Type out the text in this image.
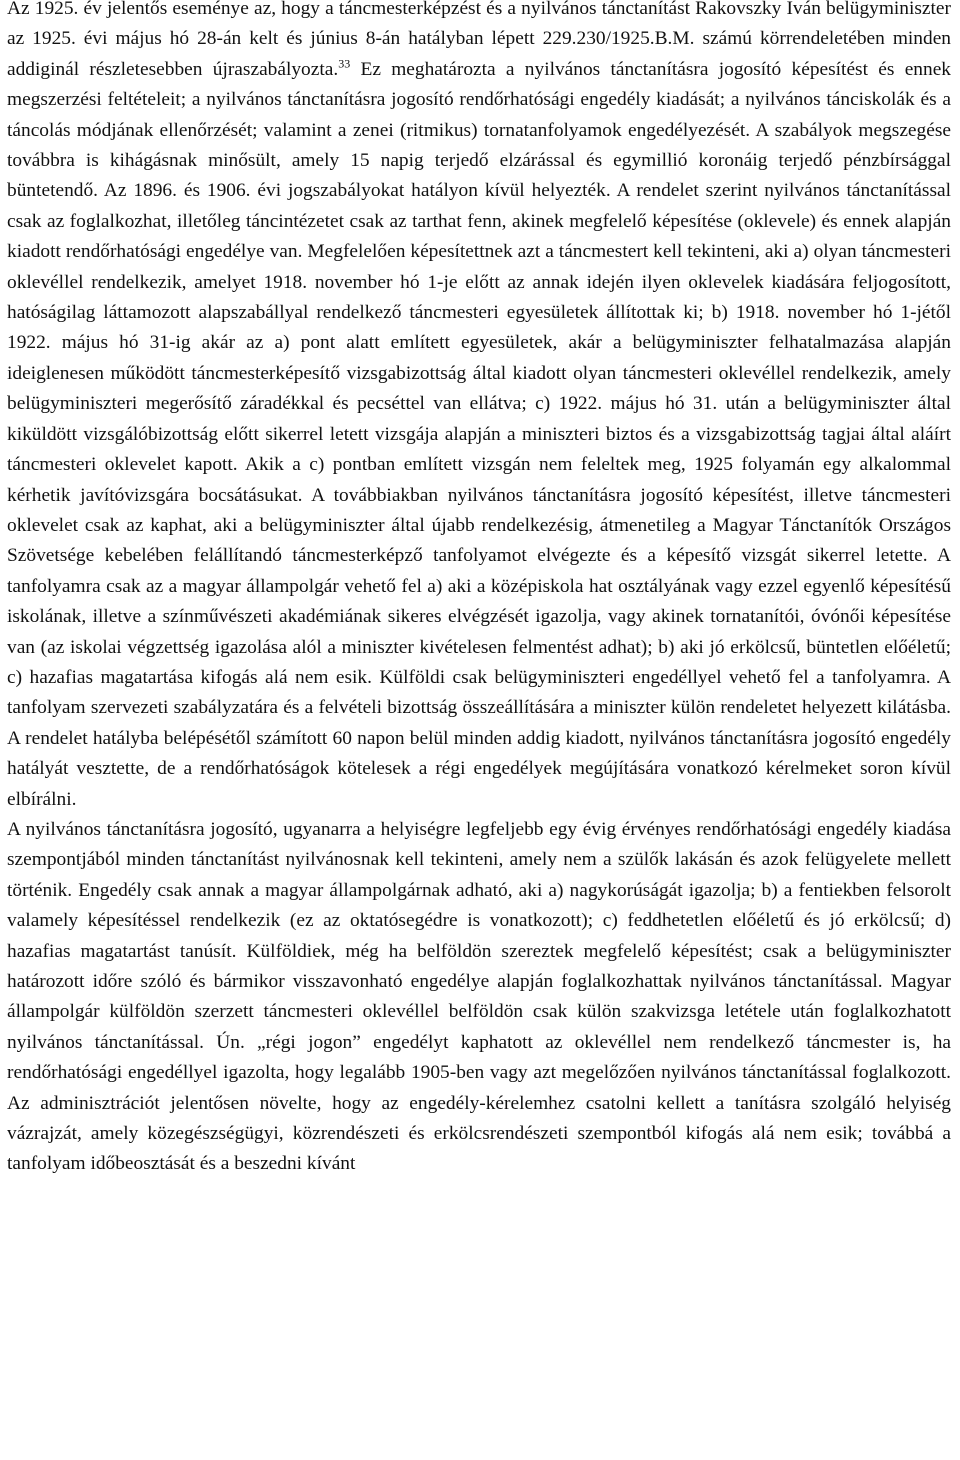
Az 1925. év jelentős eseménye az, hogy a táncmesterképzést és a nyilvános tánctanítást Rakovszky Iván belügyminiszter az 1925. évi május hó 28-án kelt és június 8-án hatályban lépett 229.230/1925.B.M. számú körrendeletében minden addiginál részletesebben újraszabályozta.$^{33}$ Ez meghatározta a nyilvános tánctanításra jogosító képesítést és ennek megszerzési feltételeit; a nyilvános tánctanításra jogosító rendőrhatósági engedély kiadását; a nyilvános tánciskolák és a táncolás módjának ellenőrzését; valamint a zenei (ritmikus) tornatanfolyamok engedélyezését. A szabályok megszegése továbbra is kihágásnak minősült, amely 15 napig terjedő elzárással és egymillió koronáig terjedő pénzbírsággal büntetendő. Az 1896. és 1906. évi jogszabályokat hatályon kívül helyezték. A rendelet szerint nyilvános tánctanítással csak az foglalkozhat, illetőleg táncintézetet csak az tarthat fenn, akinek megfelelő képesítése (oklevele) és ennek alapján kiadott rendőrhatósági engedélye van. Megfelelően képesítettnek azt a táncmestert kell tekinteni, aki a) olyan táncmesteri oklevéllel rendelkezik, amelyet 1918. november hó 1-je előtt az annak idején ilyen oklevelek kiadására feljogosított, hatóságilag láttamozott alapszabállyal rendelkező táncmesteri egyesületek állítottak ki; b) 1918. november hó 1-jétől 1922. május hó 31-ig akár az a) pont alatt említett egyesületek, akár a belügyminiszter felhatalmazása alapján ideiglenesen működött táncmesterképesítő vizsgabizottság által kiadott olyan táncmesteri oklevéllel rendelkezik, amely belügyminiszteri megerősítő záradékkal és pecséttel van ellátva; c) 1922. május hó 31. után a belügyminiszter által kiküldött vizsgálóbizottság előtt sikerrel letett vizsgája alapján a miniszteri biztos és a vizsgabizottság tagjai által aláírt táncmesteri oklevelet kapott. Akik a c) pontban említett vizsgán nem feleltek meg, 1925 folyamán egy alkalommal kérhetik javítóvizsgára bocsátásukat. A továbbiakban nyilvános tánctanításra jogosító képesítést, illetve táncmesteri oklevelet csak az kaphat, aki a belügyminiszter által újabb rendelkezésig, átmenetileg a Magyar Tánctanítók Országos Szövetsége kebelében felállítandó táncmesterképző tanfolyamot elvégezte és a képesítő vizsgát sikerrel letette. A tanfolyamra csak az a magyar állampolgár vehető fel a) aki a középiskola hat osztályának vagy ezzel egyenlő képesítésű iskolának, illetve a színművészeti akadémiának sikeres elvégzését igazolja, vagy akinek tornatanítói, óvónői képesítése van (az iskolai végzettség igazolása alól a miniszter kivételesen felmentést adhat); b) aki jó erkölcsű, büntetlen előéletű; c) hazafias magatartása kifogás alá nem esik. Külföldi csak belügyminiszteri engedéllyel vehető fel a tanfolyamra. A tanfolyam szervezeti szabályzatára és a felvételi bizottság összeállítására a miniszter külön rendeletet helyezett kilátásba. A rendelet hatályba belépésétől számított 60 napon belül minden addig kiadott, nyilvános tánctanításra jogosító engedély hatályát vesztette, de a rendőrhatóságok kötelesek a régi engedélyek megújítására vonatkozó kérelmeket soron kívül elbírálni.

A nyilvános tánctanításra jogosító, ugyanarra a helyiségre legfeljebb egy évig érvényes rendőrhatósági engedély kiadása szempontjából minden tánctanítást nyilvánosnak kell tekinteni, amely nem a szülők lakásán és azok felügyelete mellett történik. Engedély csak annak a magyar állampolgárnak adható, aki a) nagykorúságát igazolja; b) a fentiekben felsorolt valamely képesítéssel rendelkezik (ez az oktatósegédre is vonatkozott); c) feddhetetlen előéletű és jó erkölcsű; d) hazafias magatartást tanúsít. Külföldiek, még ha belföldön szereztek megfelelő képesítést; csak a belügyminiszter határozott időre szóló és bármikor visszavonható engedélye alapján foglalkozhattak nyilvános tánctanítással. Magyar állampolgár külföldön szerzett táncmesteri oklevéllel belföldön csak külön szakvizsga letétele után foglalkozhatott nyilvános tánctanítással. Ún. „régi jogon” engedélyt kaphatott az oklevéllel nem rendelkező táncmester is, ha rendőrhatósági engedéllyel igazolta, hogy legalább 1905-ben vagy azt megelőzően nyilvános tánctanítással foglalkozott. Az adminisztrációt jelentősen növelte, hogy az engedély-kérelemhez csatolni kellett a tanításra szolgáló helyiség vázrajzát, amely közegészségügyi, közrendészeti és erkölcsrendészeti szempontból kifogás alá nem esik; továbbá a tanfolyam időbeosztását és a beszedni kívánt
